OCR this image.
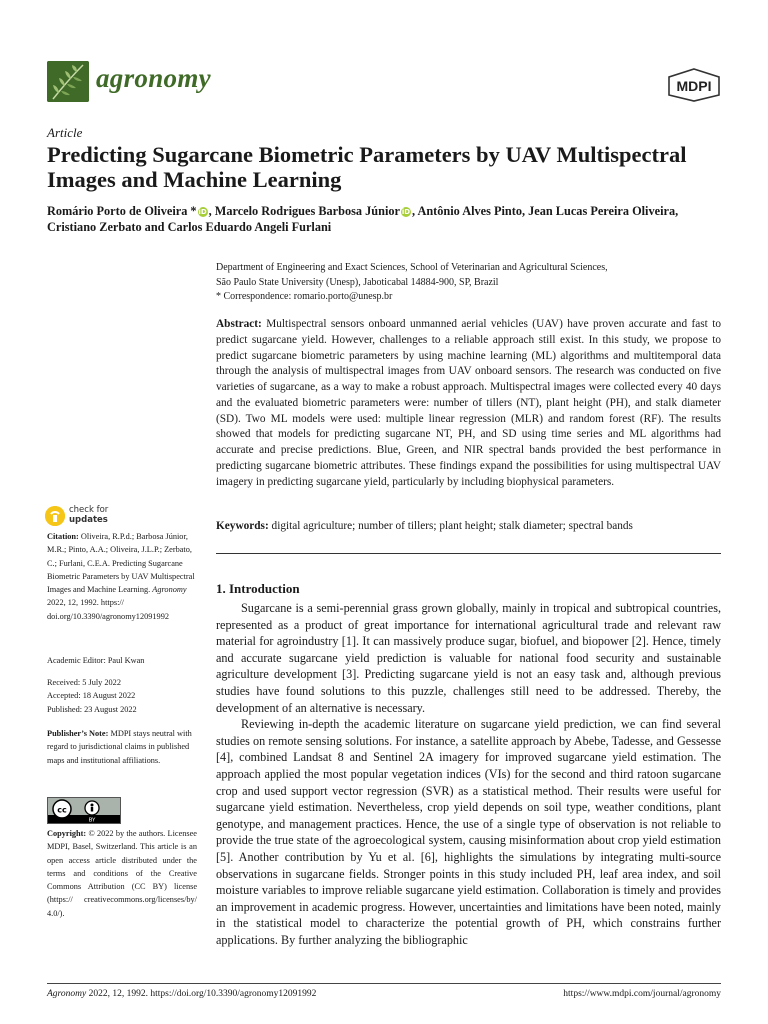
agronomy	MDPI
Article
Predicting Sugarcane Biometric Parameters by UAV Multispectral Images and Machine Learning
Romário Porto de Oliveira * iD , Marcelo Rodrigues Barbosa Júnior iD , Antônio Alves Pinto, Jean Lucas Pereira Oliveira, Cristiano Zerbato and Carlos Eduardo Angeli Furlani
Department of Engineering and Exact Sciences, School of Veterinarian and Agricultural Sciences,
São Paulo State University (Unesp), Jaboticabal 14884-900, SP, Brazil
* Correspondence: romario.porto@unesp.br
Abstract: Multispectral sensors onboard unmanned aerial vehicles (UAV) have proven accurate and fast to predict sugarcane yield. However, challenges to a reliable approach still exist. In this study, we propose to predict sugarcane biometric parameters by using machine learning (ML) algorithms and multitemporal data through the analysis of multispectral images from UAV onboard sensors. The research was conducted on five varieties of sugarcane, as a way to make a robust approach. Multispectral images were collected every 40 days and the evaluated biometric parameters were: number of tillers (NT), plant height (PH), and stalk diameter (SD). Two ML models were used: multiple linear regression (MLR) and random forest (RF). The results showed that models for predicting sugarcane NT, PH, and SD using time series and ML algorithms had accurate and precise predictions. Blue, Green, and NIR spectral bands provided the best performance in predicting sugarcane biometric attributes. These findings expand the possibilities for using multispectral UAV imagery in predicting sugarcane yield, particularly by including biophysical parameters.
Keywords: digital agriculture; number of tillers; plant height; stalk diameter; spectral bands
check for
updates
Citation: Oliveira, R.P.d.; Barbosa Júnior, M.R.; Pinto, A.A.; Oliveira, J.L.P.; Zerbato, C.; Furlani, C.E.A. Predicting Sugarcane Biometric Parameters by UAV Multispectral Images and Machine Learning. Agronomy 2022, 12, 1992. https:// doi.org/10.3390/agronomy12091992
Academic Editor: Paul Kwan
Received: 5 July 2022
Accepted: 18 August 2022
Published: 23 August 2022
Publisher’s Note: MDPI stays neutral with regard to jurisdictional claims in published maps and institutional affiliations.
cc
BY
Copyright: © 2022 by the authors. Licensee MDPI, Basel, Switzerland. This article is an open access article distributed under the terms and conditions of the Creative Commons Attribution (CC BY) license (https:// creativecommons.org/licenses/by/ 4.0/).
1. Introduction

Sugarcane is a semi-perennial grass grown globally, mainly in tropical and subtropical countries, represented as a product of great importance for international agricultural trade and relevant raw material for agroindustry [1]. It can massively produce sugar, biofuel, and biopower [2]. Hence, timely and accurate sugarcane yield prediction is valuable for national food security and sustainable agriculture development [3]. Predicting sugarcane yield is not an easy task and, although previous studies have found solutions to this puzzle, challenges still need to be addressed. Thereby, the development of an alternative is necessary.

Reviewing in-depth the academic literature on sugarcane yield prediction, we can find several studies on remote sensing solutions. For instance, a satellite approach by Abebe, Tadesse, and Gessesse [4], combined Landsat 8 and Sentinel 2A imagery for improved sugarcane yield estimation. The approach applied the most popular vegetation indices (VIs) for the second and third ratoon sugarcane crop and used support vector regression (SVR) as a statistical method. Their results were useful for sugarcane yield estimation. Nevertheless, crop yield depends on soil type, weather conditions, plant genotype, and management practices. Hence, the use of a single type of observation is not reliable to provide the true state of the agroecological system, causing misinformation about crop yield estimation [5]. Another contribution by Yu et al. [6], highlights the simulations by integrating multi-source observations in sugarcane fields. Stronger points in this study included PH, leaf area index, and soil moisture variables to improve reliable sugarcane yield estimation. Collaboration is timely and provides an improvement in academic progress. However, uncertainties and limitations have been noted, mainly in the statistical model to characterize the potential growth of PH, which constrains further applications. By further analyzing the bibliographic

Agronomy 2022, 12, 1992. https://doi.org/10.3390/agronomy12091992	https://www.mdpi.com/journal/agronomy
